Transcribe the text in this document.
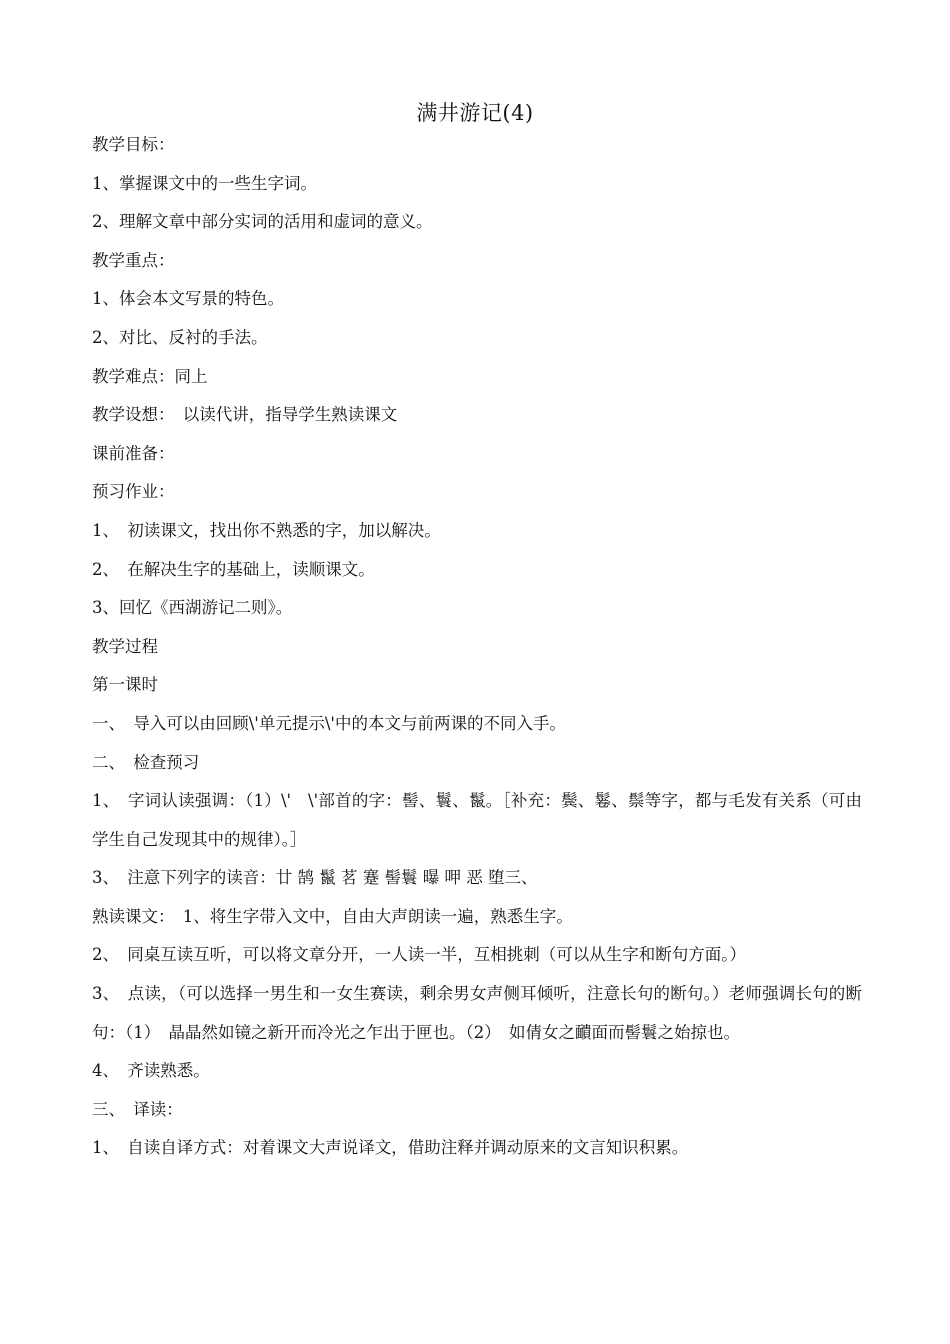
满井游记(4)
教学目标：
1、掌握课文中的一些生字词。
2、理解文章中部分实词的活用和虚词的意义。
教学重点：
1、体会本文写景的特色。
2、对比、反衬的手法。
教学难点：同上
教学设想：　以读代讲，指导学生熟读课文
课前准备：
预习作业：
1、　初读课文，找出你不熟悉的字，加以解决。
2、　在解决生字的基础上，读顺课文。
3、回忆《西湖游记二则》。
教学过程
第一课时
一、　导入可以由回顾\'单元提示\'中的本文与前两课的不同入手。
二、　检查预习
1、　字词认读强调：（1）\'　\'部首的字：髻、鬟、鬣。［补充：鬓、鬈、鬃等字，都与毛发有关系（可由学生自己发现其中的规律）。］
3、　注意下列字的读音：廿 鹄 鬣 茗 蹇 髻鬟 曝 呷 恶 堕三、
熟读课文：　1、将生字带入文中，自由大声朗读一遍，熟悉生字。
2、　同桌互读互听，可以将文章分开，一人读一半，互相挑刺（可以从生字和断句方面。）
3、　点读，（可以选择一男生和一女生赛读，剩余男女声侧耳倾听，注意长句的断句。）老师强调长句的断句：（1）　晶晶然如镜之新开而冷光之乍出于匣也。（2）　如倩女之靧面而髻鬟之始掠也。
4、　齐读熟悉。
三、　译读：
1、　自读自译方式：对着课文大声说译文，借助注释并调动原来的文言知识积累。
